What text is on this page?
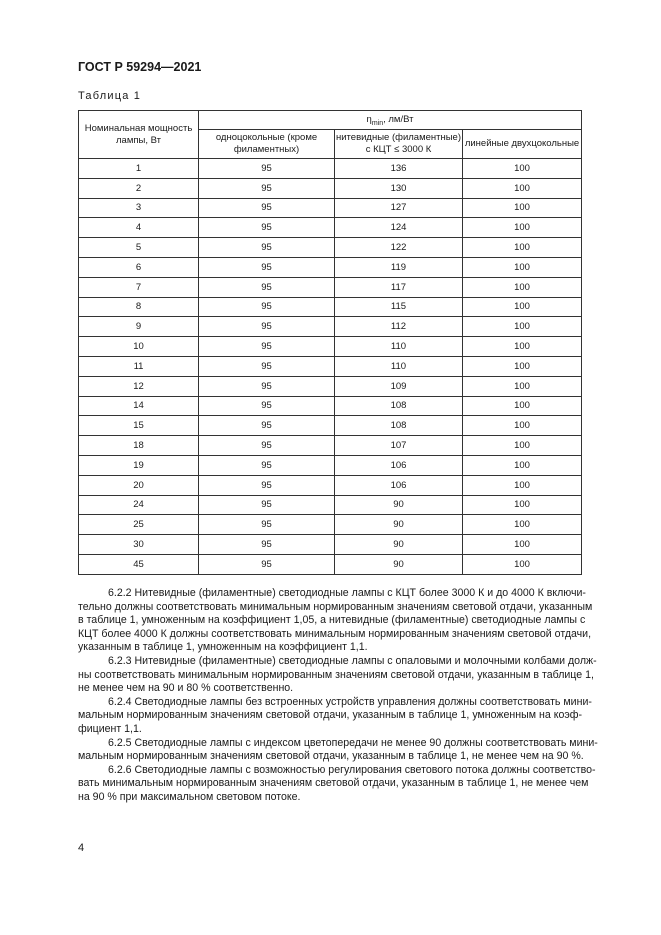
ГОСТ Р 59294—2021
Таблица 1
Номинальная мощность лампы, Вт	$\eta_{min}$, лм/Вт		
	одноцокольные (кроме филаментных)	нитевидные (филаментные) с КЦТ ≤ 3000 К	линейные двухцокольные
1	95	136	100
2	95	130	100
3	95	127	100
4	95	124	100
5	95	122	100
6	95	119	100
7	95	117	100
8	95	115	100
9	95	112	100
10	95	110	100
11	95	110	100
12	95	109	100
14	95	108	100
15	95	108	100
18	95	107	100
19	95	106	100
20	95	106	100
24	95	90	100
25	95	90	100
30	95	90	100
45	95	90	100
6.2.2 Нитевидные (филаментные) светодиодные лампы с КЦТ более 3000 К и до 4000 К включи-
тельно должны соответствовать минимальным нормированным значениям световой отдачи, указанным
в таблице 1, умноженным на коэффициент 1,05, а нитевидные (филаментные) светодиодные лампы с
КЦТ более 4000 К должны соответствовать минимальным нормированным значениям световой отдачи,
указанным в таблице 1, умноженным на коэффициент 1,1.
6.2.3 Нитевидные (филаментные) светодиодные лампы с опаловыми и молочными колбами долж-
ны соответствовать минимальным нормированным значениям световой отдачи, указанным в таблице 1,
не менее чем на 90 и 80 % соответственно.
6.2.4 Светодиодные лампы без встроенных устройств управления должны соответствовать мини-
мальным нормированным значениям световой отдачи, указанным в таблице 1, умноженным на коэф-
фициент 1,1.
6.2.5 Светодиодные лампы с индексом цветопередачи не менее 90 должны соответствовать мини-
мальным нормированным значениям световой отдачи, указанным в таблице 1, не менее чем на 90 %.
6.2.6 Светодиодные лампы с возможностью регулирования светового потока должны соответство-
вать минимальным нормированным значениям световой отдачи, указанным в таблице 1, не менее чем
на 90 % при максимальном световом потоке.
4
